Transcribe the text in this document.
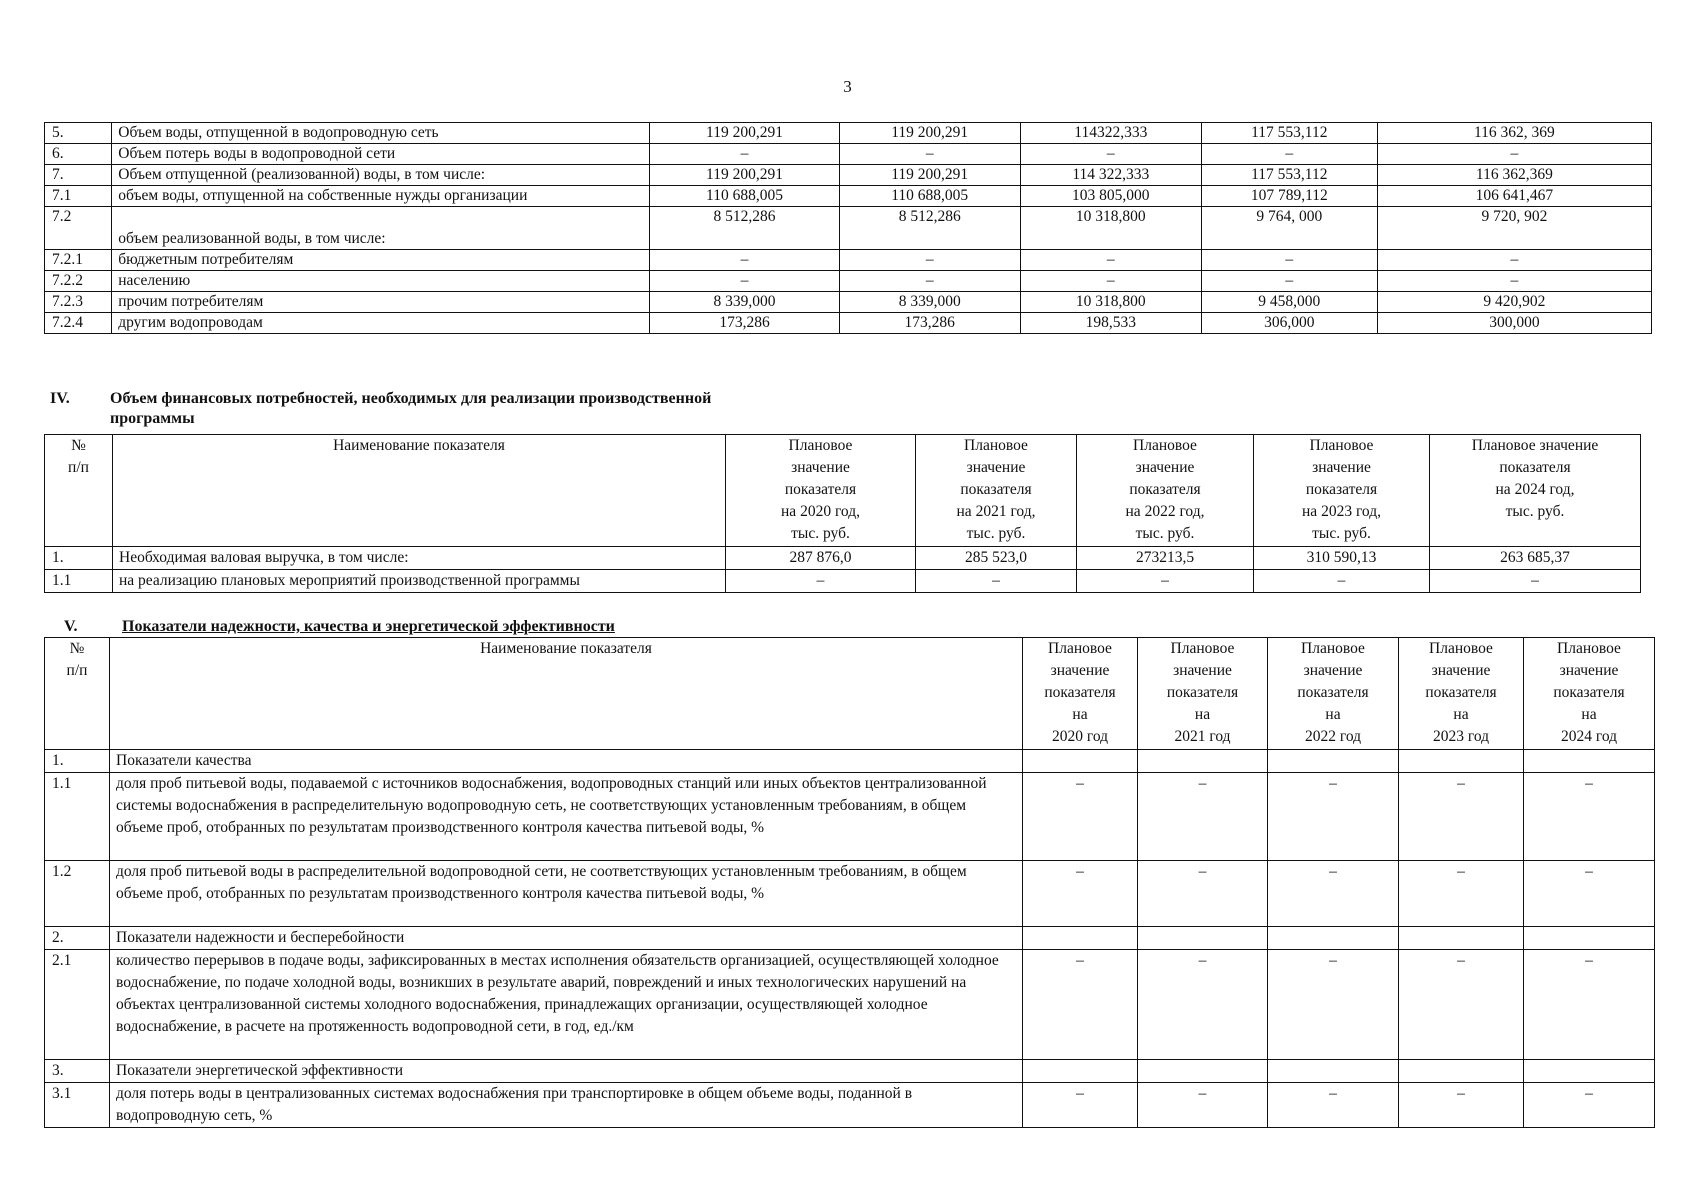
3
5.	Объем воды, отпущенной в водопроводную сеть	119 200,291	119 200,291	114322,333	117 553,112	116 362, 369
6.	Объем потерь воды в водопроводной сети	–	–	–	–	–
7.	Объем отпущенной (реализованной) воды, в том числе:	119 200,291	119 200,291	114 322,333	117 553,112	116 362,369
7.1	объем воды, отпущенной на собственные нужды организации	110 688,005	110 688,005	103 805,000	107 789,112	106 641,467
7.2	объем реализованной воды, в том числе:	8 512,286	8 512,286	10 318,800	9 764, 000	9 720, 902
7.2.1	бюджетным потребителям	–	–	–	–	–
7.2.2	населению	–	–	–	–	–
7.2.3	прочим потребителям	8 339,000	8 339,000	10 318,800	9 458,000	9 420,902
7.2.4	другим водопроводам	173,286	173,286	198,533	306,000	300,000
IV.	Объем финансовых потребностей, необходимых для реализации производственной
программы
№
п/п	Наименование показателя	Плановое
значение
показателя
на 2020 год,
тыс. руб.	Плановое
значение
показателя
на 2021 год,
тыс. руб.	Плановое
значение
показателя
на 2022 год,
тыс. руб.	Плановое
значение
показателя
на 2023 год,
тыс. руб.	Плановое значение
показателя
на 2024 год,
тыс. руб.
1.	Необходимая валовая выручка, в том числе:	287 876,0	285 523,0	273213,5	310 590,13	263 685,37
1.1	на реализацию плановых мероприятий производственной программы	–	–	–	–	–
V.	Показатели надежности, качества и энергетической эффективности
№
п/п	Наименование показателя	Плановое
значение
показателя
на
2020 год	Плановое
значение
показателя
на
2021 год	Плановое
значение
показателя
на
2022 год	Плановое
значение
показателя
на
2023 год	Плановое
значение
показателя
на
2024 год
1.	Показатели качества					
1.1	доля проб питьевой воды, подаваемой с источников водоснабжения, водопроводных станций или иных объектов централизованной системы водоснабжения в распределительную водопроводную сеть, не соответствующих установленным требованиям, в общем объеме проб, отобранных по результатам производственного контроля качества питьевой воды, %	–	–	–	–	–
1.2	доля проб питьевой воды в распределительной водопроводной сети, не соответствующих установленным требованиям, в общем объеме проб, отобранных по результатам производственного контроля качества питьевой воды, %	–	–	–	–	–
2.	Показатели надежности и бесперебойности					
2.1	количество перерывов в подаче воды, зафиксированных в местах исполнения обязательств организацией, осуществляющей холодное водоснабжение, по подаче холодной воды, возникших в результате аварий, повреждений и иных технологических нарушений на объектах централизованной системы холодного водоснабжения, принадлежащих организации, осуществляющей холодное водоснабжение, в расчете на протяженность водопроводной сети, в год, ед./км	–	–	–	–	–
3.	Показатели энергетической эффективности					
3.1	доля потерь воды в централизованных системах водоснабжения при транспортировке в общем объеме воды, поданной в водопроводную сеть, %	–	–	–	–	–
